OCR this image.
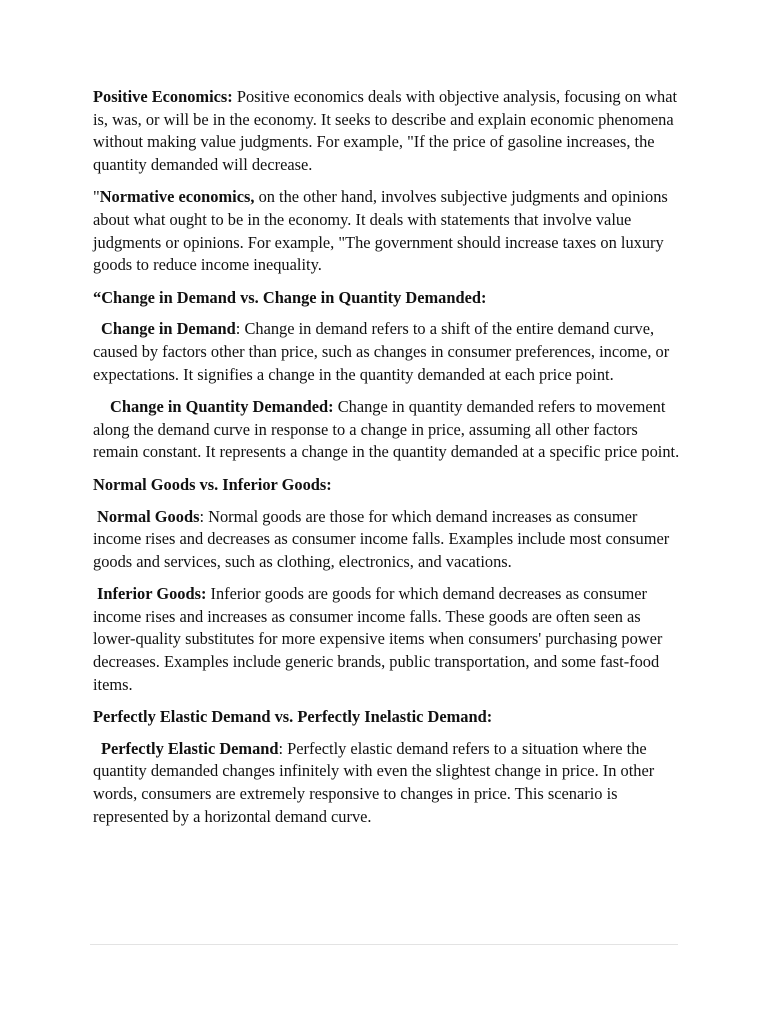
Positive Economics: Positive economics deals with objective analysis, focusing on what is, was, or will be in the economy. It seeks to describe and explain economic phenomena without making value judgments. For example, "If the price of gasoline increases, the quantity demanded will decrease.

"Normative economics, on the other hand, involves subjective judgments and opinions about what ought to be in the economy. It deals with statements that involve value judgments or opinions. For example, "The government should increase taxes on luxury goods to reduce income inequality.

“Change in Demand vs. Change in Quantity Demanded:

Change in Demand: Change in demand refers to a shift of the entire demand curve, caused by factors other than price, such as changes in consumer preferences, income, or expectations. It signifies a change in the quantity demanded at each price point.

Change in Quantity Demanded: Change in quantity demanded refers to movement along the demand curve in response to a change in price, assuming all other factors remain constant. It represents a change in the quantity demanded at a specific price point.

Normal Goods vs. Inferior Goods:

Normal Goods: Normal goods are those for which demand increases as consumer income rises and decreases as consumer income falls. Examples include most consumer goods and services, such as clothing, electronics, and vacations.

Inferior Goods: Inferior goods are goods for which demand decreases as consumer income rises and increases as consumer income falls. These goods are often seen as lower-quality substitutes for more expensive items when consumers' purchasing power decreases. Examples include generic brands, public transportation, and some fast-food items.

Perfectly Elastic Demand vs. Perfectly Inelastic Demand:

Perfectly Elastic Demand: Perfectly elastic demand refers to a situation where the quantity demanded changes infinitely with even the slightest change in price. In other words, consumers are extremely responsive to changes in price. This scenario is represented by a horizontal demand curve.
